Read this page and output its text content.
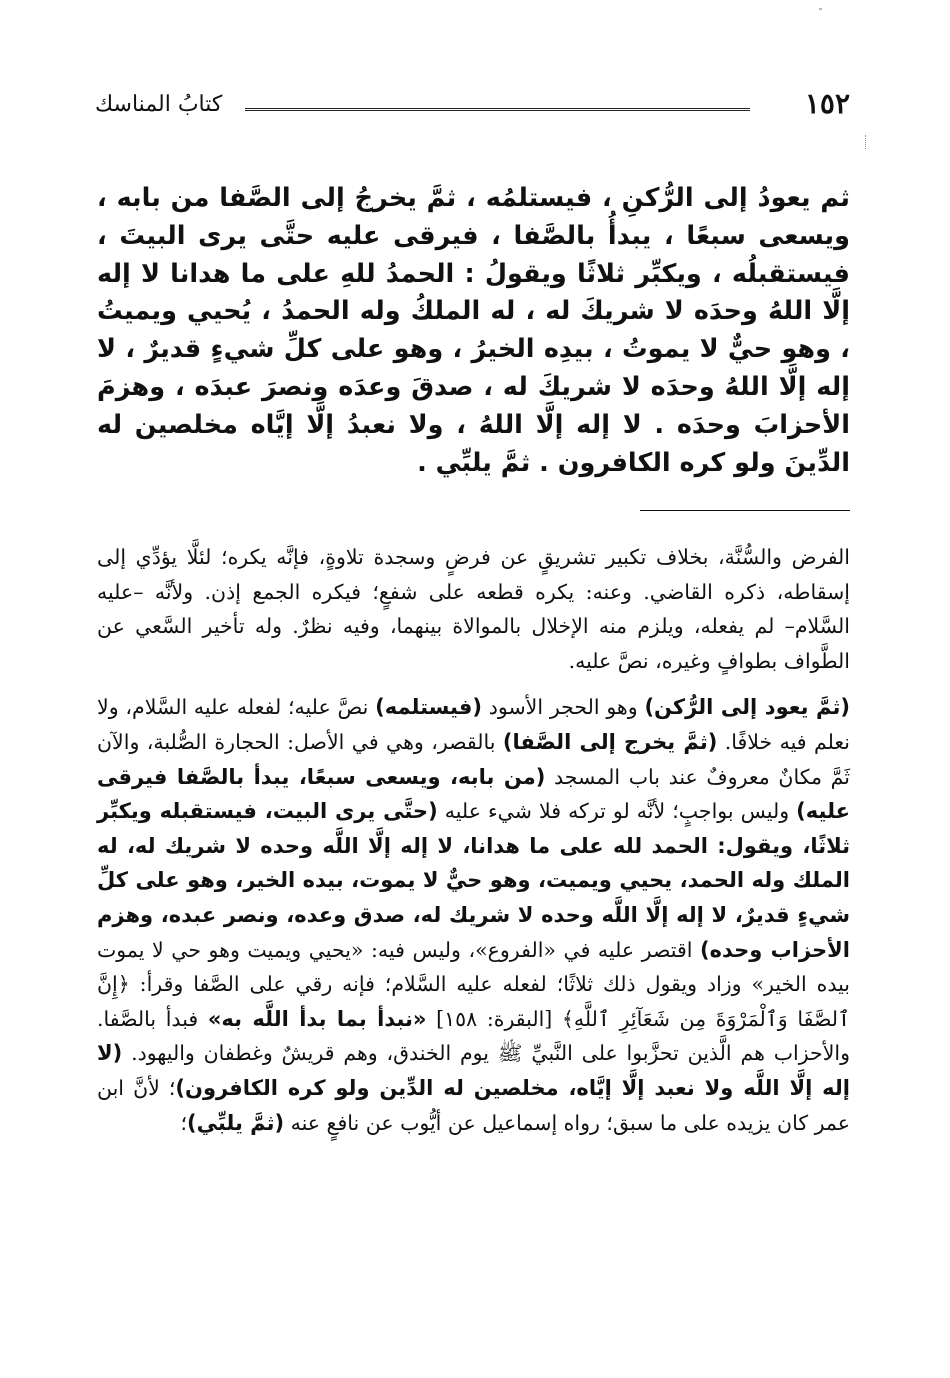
١٥٢
كتابُ المناسك

ثم يعودُ إلى الرُّكنِ ، فيستلمُه ، ثمَّ يخرجُ إلى الصَّفا من بابه ، ويسعى سبعًا ، يبدأُ بالصَّفا ، فيرقى عليه حتَّى يرى البيتَ ، فيستقبلُه ، ويكبِّر ثلاثًا ويقولُ : الحمدُ للهِ على ما هدانا لا إله إلَّا اللهُ وحدَه لا شريكَ له ، له الملكُ وله الحمدُ ، يُحيي ويميتُ ، وهو حيٌّ لا يموتُ ، بيدِه الخيرُ ، وهو على كلِّ شيءٍ قديرٌ ، لا إله إلَّا اللهُ وحدَه لا شريكَ له ، صدقَ وعدَه ونصرَ عبدَه ، وهزمَ الأحزابَ وحدَه . لا إله إلَّا اللهُ ، ولا نعبدُ إلَّا إيَّاه مخلصين له الدِّينَ ولو كره الكافرون . ثمَّ يلبِّي .

الفرض والسُّنَّة، بخلاف تكبير تشريقٍ عن فرضٍ وسجدة تلاوةٍ، فإنَّه يكره؛ لئلَّا يؤدِّي إلى إسقاطه، ذكره القاضي. وعنه: يكره قطعه على شفعٍ؛ فيكره الجمع إذن. ولأنَّه –عليه السَّلام– لم يفعله، ويلزم منه الإخلال بالموالاة بينهما، وفيه نظرٌ. وله تأخير السَّعي عن الطَّواف بطوافٍ وغيره، نصَّ عليه.

(ثمَّ يعود إلى الرُّكن) وهو الحجر الأسود (فيستلمه) نصَّ عليه؛ لفعله عليه السَّلام، ولا نعلم فيه خلافًا. (ثمَّ يخرج إلى الصَّفا) بالقصر، وهي في الأصل: الحجارة الصُّلبة، والآن ثَمَّ مكانٌ معروفٌ عند باب المسجد (من بابه، ويسعى سبعًا، يبدأ بالصَّفا فيرقى عليه) وليس بواجبٍ؛ لأنَّه لو تركه فلا شيء عليه (حتَّى يرى البيت، فيستقبله ويكبِّر ثلاثًا، ويقول: الحمد لله على ما هدانا، لا إله إلَّا اللَّه وحده لا شريك له، له الملك وله الحمد، يحيي ويميت، وهو حيٌّ لا يموت، بيده الخير، وهو على كلِّ شيءٍ قديرٌ، لا إله إلَّا اللَّه وحده لا شريك له، صدق وعده، ونصر عبده، وهزم الأحزاب وحده) اقتصر عليه في «الفروع»، وليس فيه: «يحيي ويميت وهو حي لا يموت بيده الخير» وزاد ويقول ذلك ثلاثًا؛ لفعله عليه السَّلام؛ فإنه رقي على الصَّفا وقرأ: ﴿إِنَّ ٱلصَّفَا وَٱلْمَرْوَةَ مِن شَعَآئِرِ ٱللَّهِ﴾ [البقرة: ١٥٨] «نبدأ بما بدأ اللَّه به» فبدأ بالصَّفا. والأحزاب هم الَّذين تحزَّبوا على النَّبيِّ ﷺ يوم الخندق، وهم قريشٌ وغطفان واليهود. (لا إله إلَّا اللَّه ولا نعبد إلَّا إيَّاه، مخلصين له الدِّين ولو كره الكافرون)؛ لأنَّ ابن عمر كان يزيده على ما سبق؛ رواه إسماعيل عن أيُّوب عن نافعٍ عنه (ثمَّ يلبِّي)؛
